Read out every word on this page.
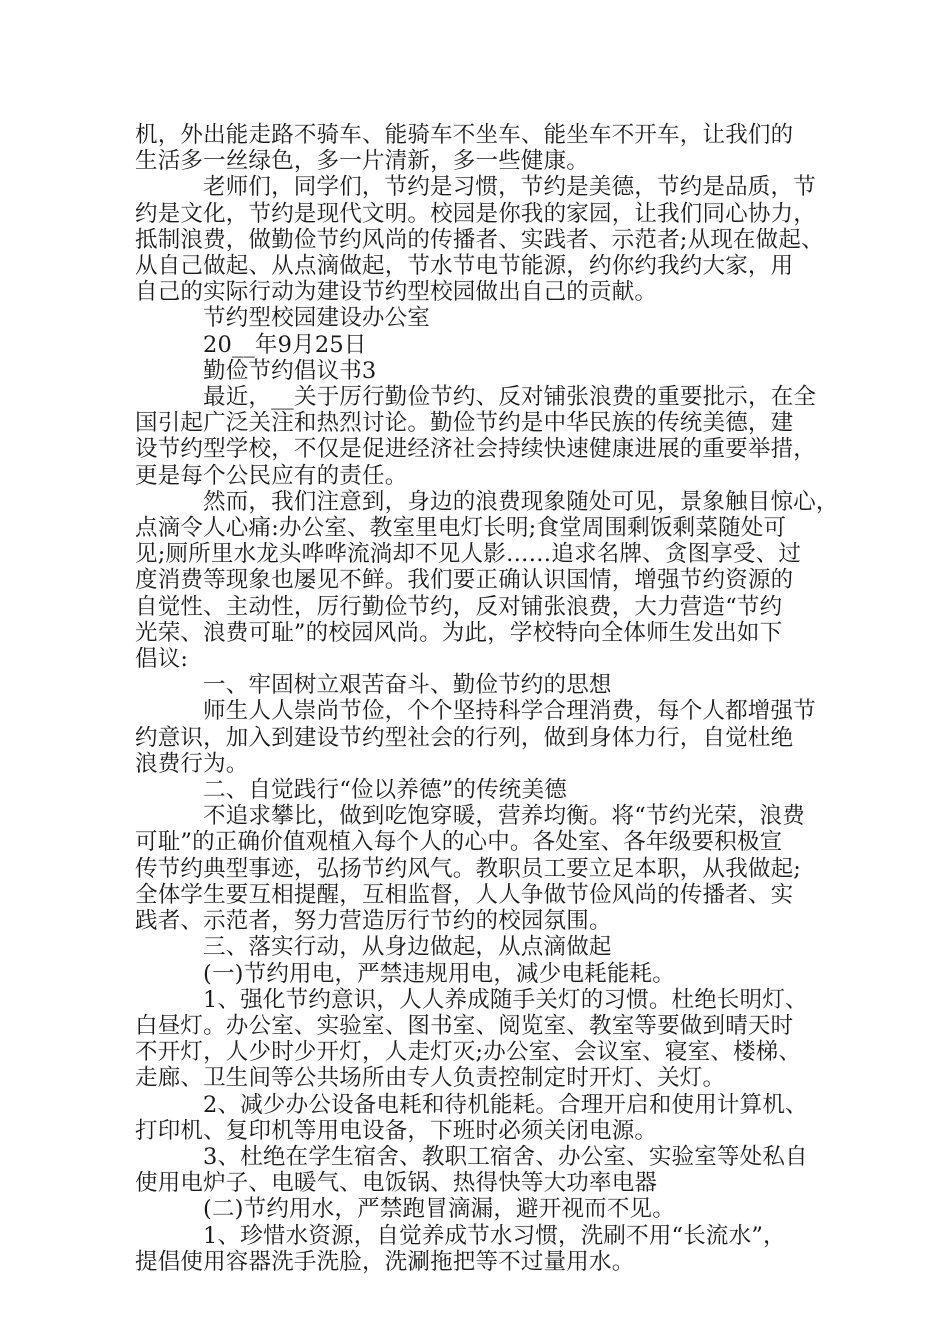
机，外出能走路不骑车、能骑车不坐车、能坐车不开车，让我们的
生活多一丝绿色，多一片清新，多一些健康。
老师们，同学们，节约是习惯，节约是美德，节约是品质，节
约是文化，节约是现代文明。校园是你我的家园，让我们同心协力，
抵制浪费，做勤俭节约风尚的传播者、实践者、示范者;从现在做起、
从自己做起、从点滴做起，节水节电节能源，约你约我约大家，用
自己的实际行动为建设节约型校园做出自己的贡献。
节约型校园建设办公室
20__年9月25日
勤俭节约倡议书3
最近，__关于厉行勤俭节约、反对铺张浪费的重要批示，在全
国引起广泛关注和热烈讨论。勤俭节约是中华民族的传统美德，建
设节约型学校，不仅是促进经济社会持续快速健康进展的重要举措，
更是每个公民应有的责任。
然而，我们注意到，身边的浪费现象随处可见，景象触目惊心，
点滴令人心痛:办公室、教室里电灯长明;食堂周围剩饭剩菜随处可
见;厕所里水龙头哗哗流淌却不见人影……追求名牌、贪图享受、过
度消费等现象也屡见不鲜。我们要正确认识国情，增强节约资源的
自觉性、主动性，厉行勤俭节约，反对铺张浪费，大力营造“节约
光荣、浪费可耻”的校园风尚。为此，学校特向全体师生发出如下
倡议:
一、牢固树立艰苦奋斗、勤俭节约的思想
师生人人崇尚节俭，个个坚持科学合理消费，每个人都增强节
约意识，加入到建设节约型社会的行列，做到身体力行，自觉杜绝
浪费行为。
二、自觉践行“俭以养德”的传统美德
不追求攀比，做到吃饱穿暖，营养均衡。将“节约光荣，浪费
可耻”的正确价值观植入每个人的心中。各处室、各年级要积极宣
传节约典型事迹，弘扬节约风气。教职员工要立足本职，从我做起;
全体学生要互相提醒，互相监督，人人争做节俭风尚的传播者、实
践者、示范者，努力营造厉行节约的校园氛围。
三、落实行动，从身边做起，从点滴做起
(一)节约用电，严禁违规用电，减少电耗能耗。
1、强化节约意识，人人养成随手关灯的习惯。杜绝长明灯、
白昼灯。办公室、实验室、图书室、阅览室、教室等要做到晴天时
不开灯，人少时少开灯，人走灯灭;办公室、会议室、寝室、楼梯、
走廊、卫生间等公共场所由专人负责控制定时开灯、关灯。
2、减少办公设备电耗和待机能耗。合理开启和使用计算机、
打印机、复印机等用电设备，下班时必须关闭电源。
3、杜绝在学生宿舍、教职工宿舍、办公室、实验室等处私自
使用电炉子、电暖气、电饭锅、热得快等大功率电器
(二)节约用水，严禁跑冒滴漏，避开视而不见。
1、珍惜水资源，自觉养成节水习惯，洗刷不用“长流水”，
提倡使用容器洗手洗脸，洗涮拖把等不过量用水。
